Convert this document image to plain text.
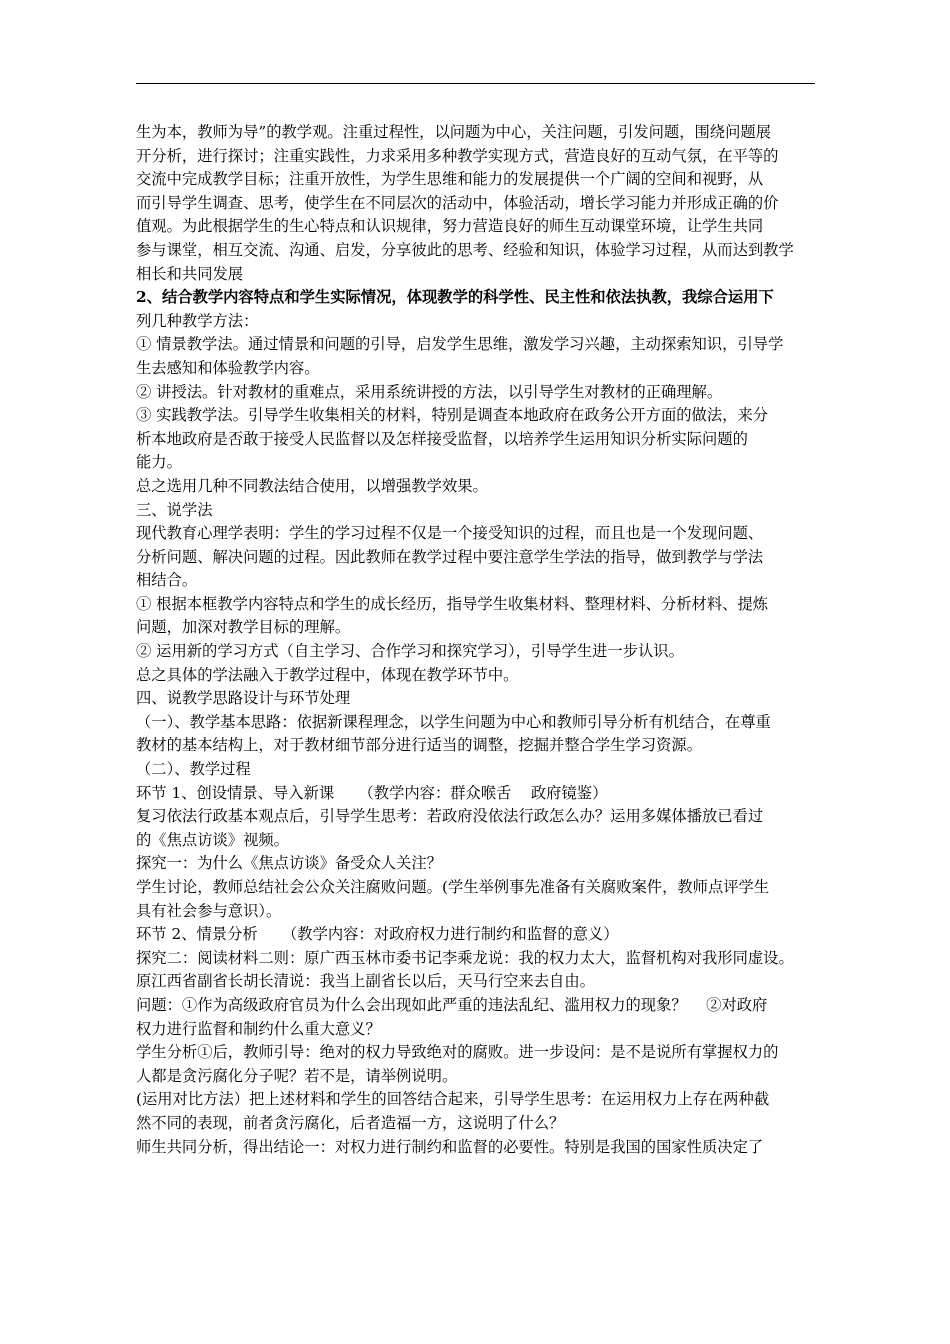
生为本，教师为导”的教学观。注重过程性，以问题为中心，关注问题，引发问题，围绕问题展
开分析，进行探讨；注重实践性，力求采用多种教学实现方式，营造良好的互动气氛，在平等的
交流中完成教学目标；注重开放性，为学生思维和能力的发展提供一个广阔的空间和视野，从
而引导学生调查、思考，使学生在不同层次的活动中，体验活动，增长学习能力并形成正确的价
值观。为此根据学生的生心特点和认识规律，努力营造良好的师生互动课堂环境，让学生共同
参与课堂，相互交流、沟通、启发，分享彼此的思考、经验和知识，体验学习过程，从而达到教学
相长和共同发展
2、结合教学内容特点和学生实际情况，体现教学的科学性、民主性和依法执教，我综合运用下
列几种教学方法：
① 情景教学法。通过情景和问题的引导，启发学生思维，激发学习兴趣，主动探索知识，引导学
生去感知和体验教学内容。
② 讲授法。针对教材的重难点，采用系统讲授的方法，以引导学生对教材的正确理解。
③ 实践教学法。引导学生收集相关的材料，特别是调查本地政府在政务公开方面的做法，来分
析本地政府是否敢于接受人民监督以及怎样接受监督，以培养学生运用知识分析实际问题的
能力。
总之选用几种不同教法结合使用，以增强教学效果。
三、说学法
现代教育心理学表明：学生的学习过程不仅是一个接受知识的过程，而且也是一个发现问题、
分析问题、解决问题的过程。因此教师在教学过程中要注意学生学法的指导，做到教学与学法
相结合。
① 根据本框教学内容特点和学生的成长经历，指导学生收集材料、整理材料、分析材料、提炼
问题，加深对教学目标的理解。
② 运用新的学习方式（自主学习、合作学习和探究学习），引导学生进一步认识。
总之具体的学法融入于教学过程中，体现在教学环节中。
四、说教学思路设计与环节处理
（一）、教学基本思路：依据新课程理念，以学生问题为中心和教师引导分析有机结合，在尊重
教材的基本结构上，对于教材细节部分进行适当的调整，挖掘并整合学生学习资源。
（二）、教学过程
环节 1、创设情景、导入新课     （教学内容：群众喉舌    政府镜鉴）
复习依法行政基本观点后，引导学生思考：若政府没依法行政怎么办？运用多媒体播放已看过
的《焦点访谈》视频。
探究一：为什么《焦点访谈》备受众人关注？
学生讨论，教师总结社会公众关注腐败问题。(学生举例事先准备有关腐败案件，教师点评学生
具有社会参与意识）。
环节 2、情景分析     （教学内容：对政府权力进行制约和监督的意义）
探究二：阅读材料二则：原广西玉林市委书记李乘龙说：我的权力太大，监督机构对我形同虚设。
原江西省副省长胡长清说：我当上副省长以后，天马行空来去自由。
问题：①作为高级政府官员为什么会出现如此严重的违法乱纪、滥用权力的现象？    ②对政府
权力进行监督和制约什么重大意义？
学生分析①后，教师引导：绝对的权力导致绝对的腐败。进一步设问：是不是说所有掌握权力的
人都是贪污腐化分子呢？若不是，请举例说明。
(运用对比方法）把上述材料和学生的回答结合起来，引导学生思考：在运用权力上存在两种截
然不同的表现，前者贪污腐化，后者造福一方，这说明了什么？
师生共同分析，得出结论一：对权力进行制约和监督的必要性。特别是我国的国家性质决定了
